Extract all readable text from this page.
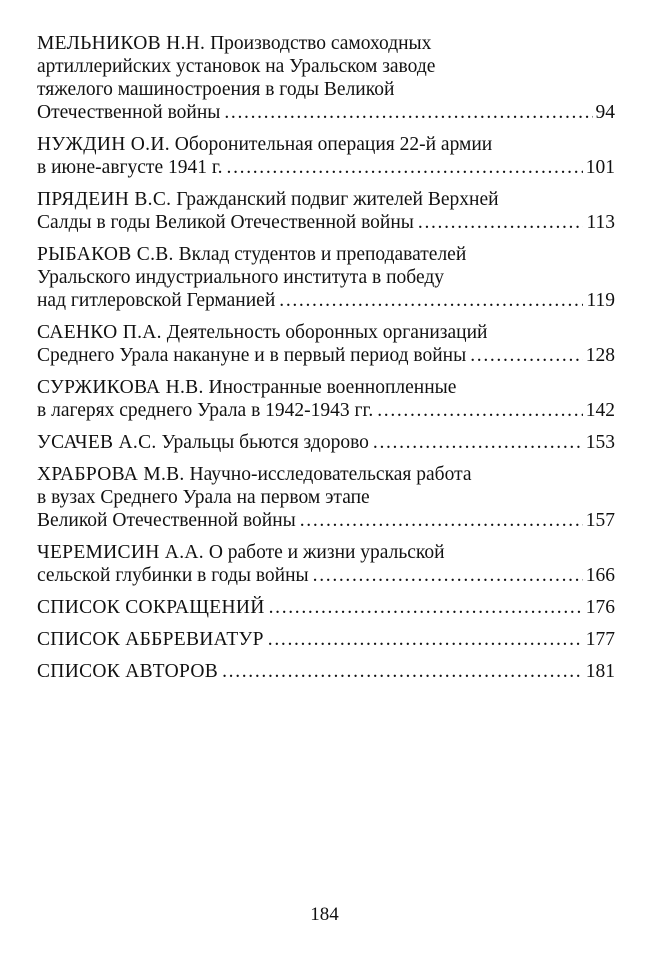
МЕЛЬНИКОВ Н.Н. Производство самоходных
артиллерийских установок на Уральском заводе
тяжелого машиностроения в годы Великой
Отечественной войны . . .	94
НУЖДИН О.И. Оборонительная операция 22-й армии
в июне-августе 1941 г. . . .	101
ПРЯДЕИН В.С. Гражданский подвиг жителей Верхней
Салды в годы Великой Отечественной войны . . .	113
РЫБАКОВ С.В. Вклад студентов и преподавателей
Уральского индустриального института в победу
над гитлеровской Германией . . .	119
САЕНКО П.А. Деятельность оборонных организаций
Среднего Урала накануне и в первый период войны . . .	128
СУРЖИКОВА Н.В. Иностранные военнопленные
в лагерях среднего Урала в 1942-1943 гг. . . .	142
УСАЧЕВ А.С. Уральцы бьются здорово . . .	153
ХРАБРОВА М.В. Научно-исследовательская работа
в вузах Среднего Урала на первом этапе
Великой Отечественной войны . . .	157
ЧЕРЕМИСИН А.А. О работе и жизни уральской
сельской глубинки в годы войны . . .	166
СПИСОК СОКРАЩЕНИЙ . . .	176
СПИСОК АББРЕВИАТУР . . .	177
СПИСОК АВТОРОВ . . .	181
184
